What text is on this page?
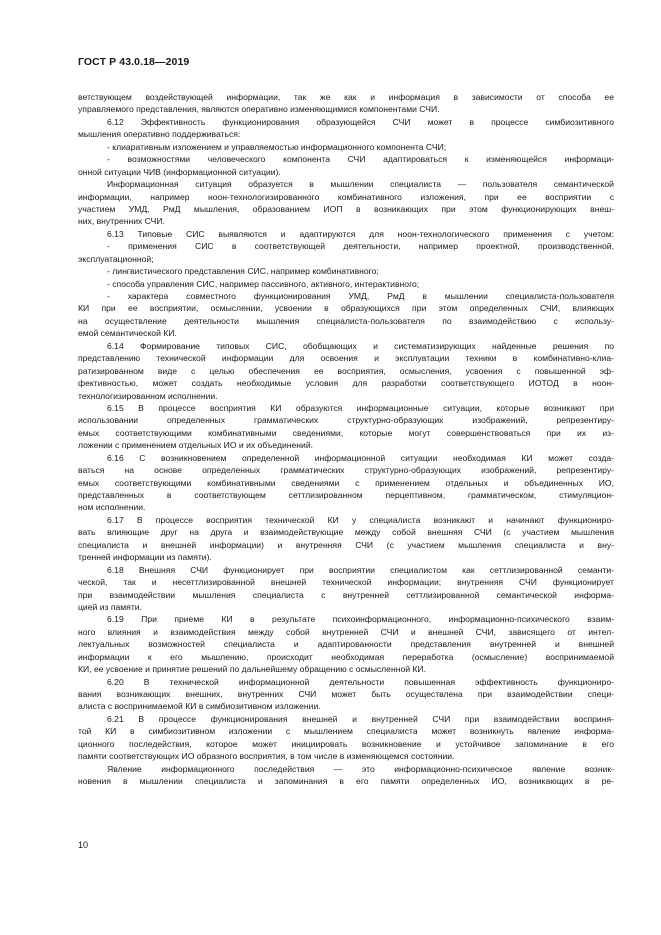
ГОСТ Р 43.0.18—2019
ветствующем воздействующей информации, так же как и информация в зависимости от способа ее
управляемого представления, являются оперативно изменяющимися компонентами СЧИ.
6.12 Эффективность функционирования образующейся СЧИ может в процессе симбиозитивного
мышления оперативно поддерживаться:
- клиаративным изложением и управляемостью информационного компонента СЧИ;
- возможностями человеческого компонента СЧИ адаптироваться к изменяющейся информаци-
онной ситуации ЧИВ (информационной ситуации).
Информационная ситуация образуется в мышлении специалиста — пользователя семантической
информации, например ноон-технологизированного комбинативного изложения, при ее восприятии с
участием УМД, РмД мышления, образованием ИОП в возникающих при этом функционирующих внеш-
них, внутренних СЧИ.
6.13 Типовые СИС выявляются и адаптируются для ноон-технологического применения с учетом:
- применения СИС в соответствующей деятельности, например проектной, производственной,
эксплуатационной;
- лингвистического представления СИС, например комбинативного;
- способа управления СИС, например пассивного, активного, интерактивного;
- характера совместного функционирования УМД, РмД в мышлении специалиста-пользователя
КИ при ее восприятии, осмыслении, усвоении в образующихся при этом определенных СЧИ, влияющих
на осуществление деятельности мышления специалиста-пользователя по взаимодействию с использу-
емой семантической КИ.
6.14 Формирование типовых СИС, обобщающих и систематизирующих найденные решения по
представлению технической информации для освоения и эксплуатации техники в комбинативно-клиа-
ратизированном виде с целью обеспечения ее восприятия, осмысления, усвоения с повышенной эф-
фективностью, может создать необходимые условия для разработки соответствующего ИОТОД в ноон-
технологизированном исполнении.
6.15 В процессе восприятия КИ образуются информационные ситуации, которые возникают при
использовании определенных грамматических структурно-образующих изображений, репрезентиру-
емых соответствующими комбинативными сведениями, которые могут совершенствоваться при их из-
ложении с применением отдельных ИО и их объединений.
6.16 С возникновением определенной информационной ситуации необходимая КИ может созда-
ваться на основе определенных грамматических структурно-образующих изображений, репрезентиру-
емых соответствующими комбинативными сведениями с применением отдельных и объединенных ИО,
представленных в соответствующем сеттлизированном перцептивном, грамматическом, стимуляцион-
ном исполнении.
6.17 В процессе восприятия технической КИ у специалиста возникают и начинают функциониро-
вать влияющие друг на друга и взаимодействующие между собой внешняя СЧИ (с участием мышления
специалиста и внешней информации) и внутренняя СЧИ (с участием мышления специалиста и вну-
тренней информации из памяти).
6.18 Внешняя СЧИ функционирует при восприятии специалистом как сеттлизированной семанти-
ческой, так и несеттлизированной внешней технической информации; внутренняя СЧИ функционирует
при взаимодействии мышления специалиста с внутренней сеттлизированной семантической информа-
цией из памяти.
6.19 При приеме КИ в результате психоинформационного, информационно-психического взаим-
ного влияния и взаимодействия между собой внутренней СЧИ и внешней СЧИ, зависящего от интел-
лектуальных возможностей специалиста и адаптированности представления внутренней и внешней
информации к его мышлению, происходит необходимая переработка (осмысление) воспринимаемой
КИ, ее усвоение и принятие решений по дальнейшему обращению с осмысленной КИ.
6.20 В технической информационной деятельности повышенная эффективность функциониро-
вания возникающих внешних, внутренних СЧИ может быть осуществлена при взаимодействии специ-
алиста с воспринимаемой КИ в симбиозитивном изложении.
6.21 В процессе функционирования внешней и внутренней СЧИ при взаимодействии восприня-
той КИ в симбиозитивном изложении с мышлением специалиста может возникнуть явление информа-
ционного последействия, которое может инициировать возникновение и устойчивое запоминание в его
памяти соответствующих ИО образного восприятия, в том числе в изменяющемся состоянии.
Явление информационного последействия — это информационно-психическое явление возник-
новения в мышлении специалиста и запоминания в его памяти определенных ИО, возникающих в ре-
10
